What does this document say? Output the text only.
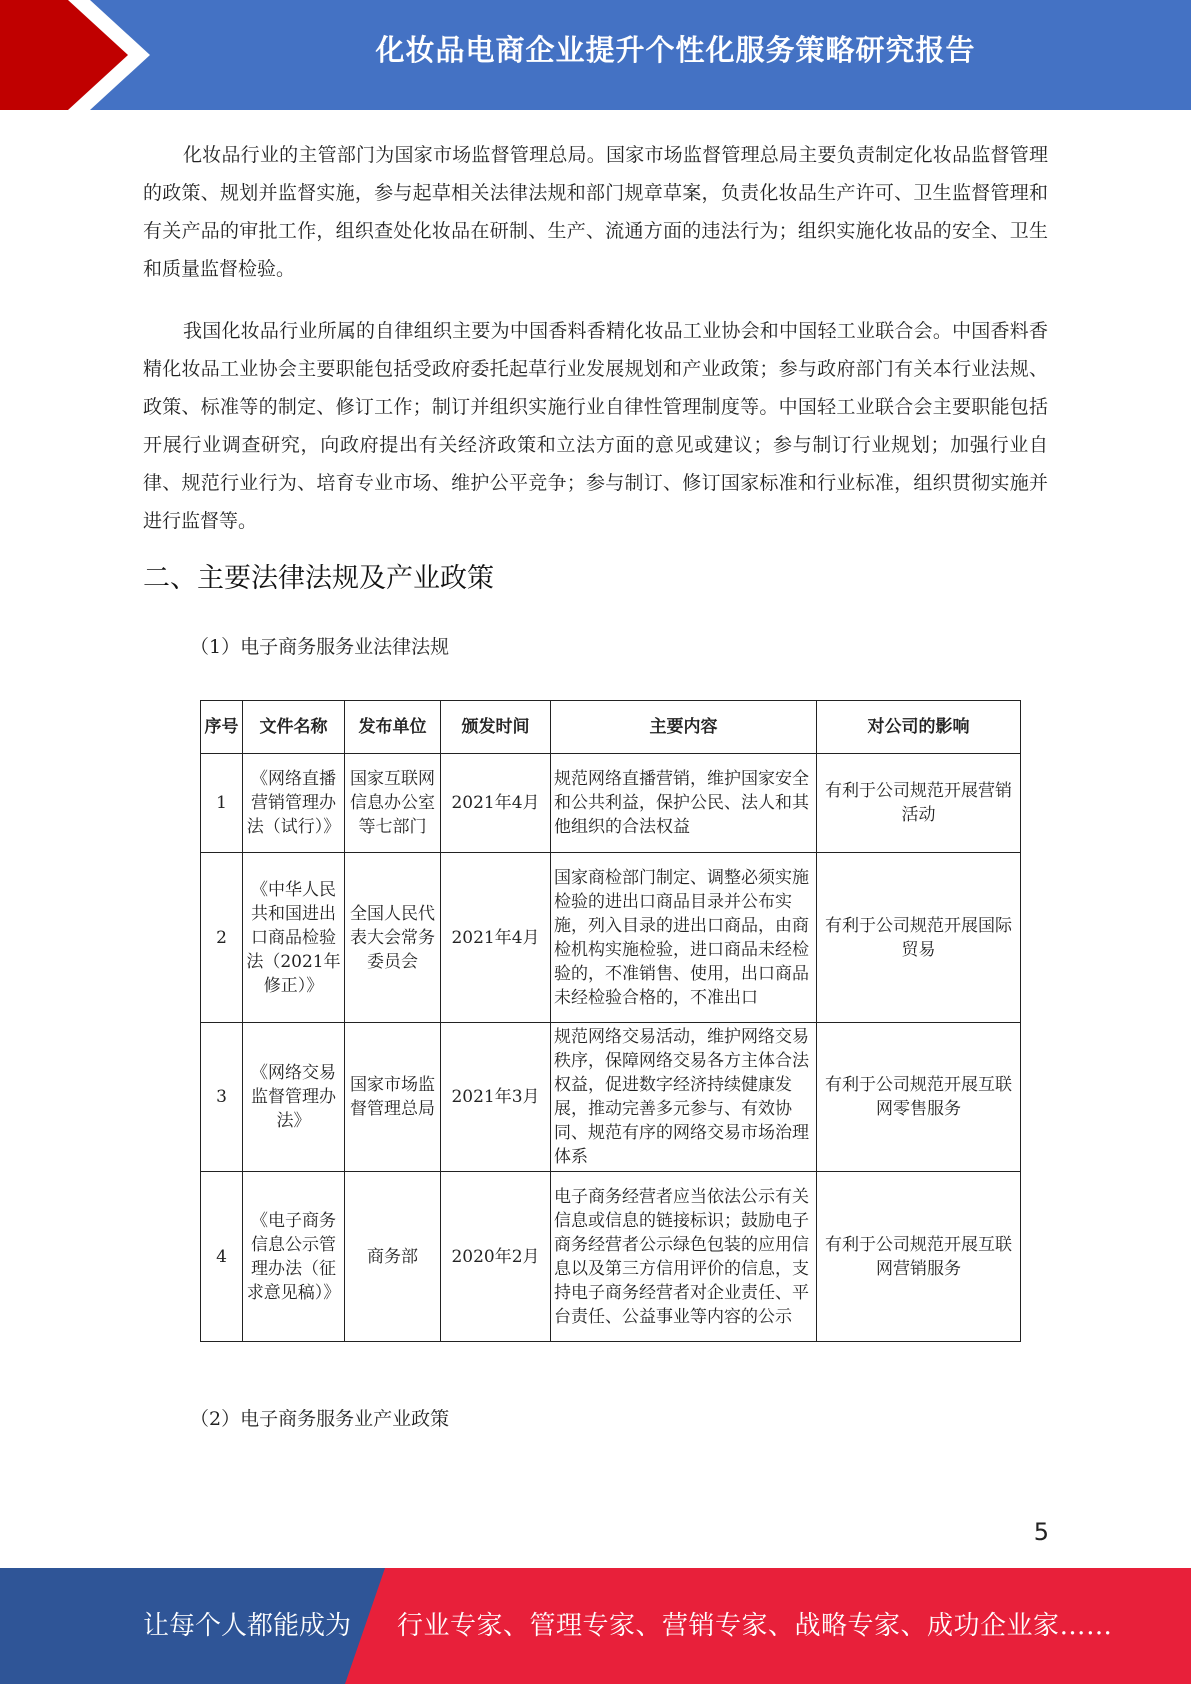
化妆品电商企业提升个性化服务策略研究报告

化妆品行业的主管部门为国家市场监督管理总局。国家市场监督管理总局主要负责制定化妆品监督管理的政策、规划并监督实施，参与起草相关法律法规和部门规章草案，负责化妆品生产许可、卫生监督管理和有关产品的审批工作，组织查处化妆品在研制、生产、流通方面的违法行为；组织实施化妆品的安全、卫生和质量监督检验。

我国化妆品行业所属的自律组织主要为中国香料香精化妆品工业协会和中国轻工业联合会。中国香料香精化妆品工业协会主要职能包括受政府委托起草行业发展规划和产业政策；参与政府部门有关本行业法规、政策、标准等的制定、修订工作；制订并组织实施行业自律性管理制度等。中国轻工业联合会主要职能包括开展行业调查研究，向政府提出有关经济政策和立法方面的意见或建议；参与制订行业规划；加强行业自律、规范行业行为、培育专业市场、维护公平竞争；参与制订、修订国家标准和行业标准，组织贯彻实施并进行监督等。

二、主要法律法规及产业政策

（1）电子商务服务业法律法规

序号	文件名称	发布单位	颁发时间	主要内容	对公司的影响
1	《网络直播营销管理办法（试行）》	国家互联网信息办公室等七部门	2021年4月	规范网络直播营销，维护国家安全和公共利益，保护公民、法人和其他组织的合法权益	有利于公司规范开展营销活动
2	《中华人民共和国进出口商品检验法（2021年修正）》	全国人民代表大会常务委员会	2021年4月	国家商检部门制定、调整必须实施检验的进出口商品目录并公布实施，列入目录的进出口商品，由商检机构实施检验，进口商品未经检验的，不准销售、使用，出口商品未经检验合格的，不准出口	有利于公司规范开展国际贸易
3	《网络交易监督管理办法》	国家市场监督管理总局	2021年3月	规范网络交易活动，维护网络交易秩序，保障网络交易各方主体合法权益，促进数字经济持续健康发展，推动完善多元参与、有效协同、规范有序的网络交易市场治理体系	有利于公司规范开展互联网零售服务
4	《电子商务信息公示管理办法（征求意见稿）》	商务部	2020年2月	电子商务经营者应当依法公示有关信息或信息的链接标识；鼓励电子商务经营者公示绿色包装的应用信息以及第三方信用评价的信息，支持电子商务经营者对企业责任、平台责任、公益事业等内容的公示	有利于公司规范开展互联网营销服务

（2）电子商务服务业产业政策

5
让每个人都能成为 行业专家、管理专家、营销专家、战略专家、成功企业家……
